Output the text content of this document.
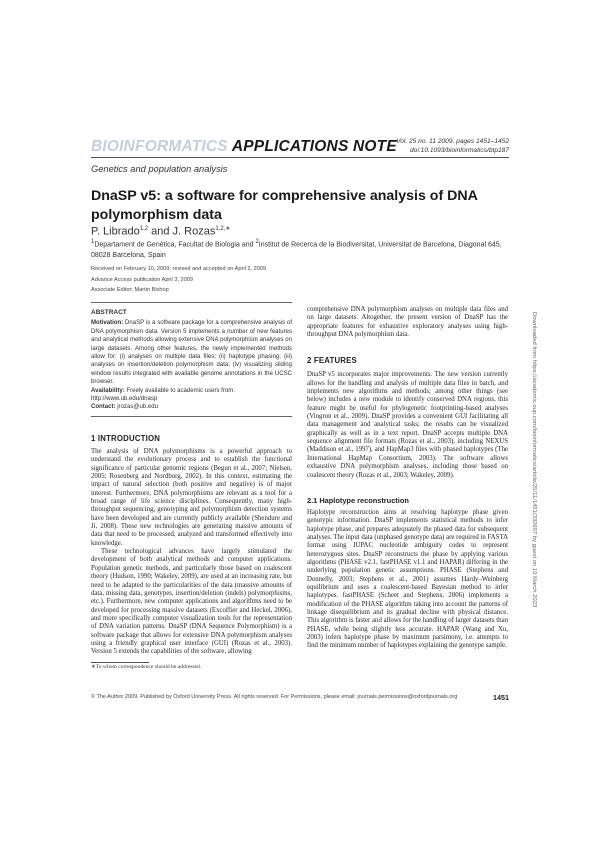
BIOINFORMATICS APPLICATIONS NOTE Vol. 25 no. 11 2009, pages 1451–1452
doi:10.1093/bioinformatics/btp187
Genetics and population analysis
DnaSP v5: a software for comprehensive analysis of DNA polymorphism data
P. Librado$^{1,2}$ and J. Rozas$^{1,2,∗}$
$^1$Departament de Genètica, Facultat de Biologia and $^2$Institut de Recerca de la Biodiversitat, Universitat de Barcelona, Diagonal 645, 08028 Barcelona, Spain
Received on February 10, 2009; revised and accepted on April 2, 2009
Advance Access publication April 3, 2009
Associate Editor: Martin Bishop
ABSTRACT

Motivation: DnaSP is a software package for a comprehensive analysis of DNA polymorphism data. Version 5 implements a number of new features and analytical methods allowing extensive DNA polymorphism analyses on large datasets. Among other features, the newly implemented methods allow for: (i) analyses on multiple data files; (ii) haplotype phasing; (iii) analyses on insertion/deletion polymorphism data; (iv) visualizing sliding window results integrated with available genome annotations in the UCSC browser.

Availability: Freely available to academic users from:

http://www.ub.edu/dnasp

Contact: jrozas@ub.edu

1 INTRODUCTION

The analysis of DNA polymorphisms is a powerful approach to understand the evolutionary process and to establish the functional significance of particular genomic regions (Begun et al., 2007; Nielsen, 2005; Rosenberg and Nordborg, 2002). In this context, estimating the impact of natural selection (both positive and negative) is of major interest. Furthermore, DNA polymorphisms are relevant as a tool for a broad range of life science disciplines. Consequently, many high-throughput sequencing, genotyping and polymorphism detection systems have been developed and are currently publicly available (Shendure and Ji, 2008). These new technologies are generating massive amounts of data that need to be processed, analyzed and transformed effectively into knowledge.

These technological advances have largely stimulated the development of both analytical methods and computer applications. Population genetic methods, and particularly those based on coalescent theory (Hudson, 1990; Wakeley, 2009), are used at an increasing rate, but need to be adapted to the particularities of the data (massive amounts of data, missing data, genotypes, insertion/deletion (indels) polymorphisms, etc.). Furthermore, new computer applications and algorithms need to be developed for processing massive datasets (Excoffier and Heckel, 2006), and more specifically computer visualization tools for the representation of DNA variation patterns. DnaSP (DNA Sequence Polymorphism) is a software package that allows for extensive DNA polymorphism analyses using a friendly graphical user interface (GUI) (Rozas et al., 2003). Version 5 extends the capabilities of the software, allowing

∗To whom correspondence should be addressed.

comprehensive DNA polymorphism analyses on multiple data files and on large datasets. Altogether, the present version of DnaSP has the appropriate features for exhaustive exploratory analyses using high-throughput DNA polymorphism data.

2 FEATURES

DnaSP v5 incorporates major improvements. The new version currently allows for the handling and analysis of multiple data files in batch, and implements new algorithms and methods; among other things (see below) includes a new module to identify conserved DNA regions, this feature might be useful for phylogenetic footprinting-based analyses (Vingron et al., 2009). DnaSP provides a convenient GUI facilitating all data management and analytical tasks; the results can be visualized graphically as well as in a text report. DnaSP accepts multiple DNA sequence alignment file formats (Rozas et al., 2003), including NEXUS (Maddison et al., 1997), and HapMap3 files with phased haplotypes (The International HapMap Consortium, 2003). The software allows exhaustive DNA polymorphism analyses, including those based on coalescent theory (Rozas et al., 2003; Wakeley, 2009).

2.1 Haplotype reconstruction

Haplotype reconstruction aims at resolving haplotype phase given genotypic information. DnaSP implements statistical methods to infer haplotype phase, and prepares adequately the phased data for subsequent analyses. The input data (unphased genotype data) are required in FASTA format using IUPAC nucleotide ambiguity codes to represent heterozygous sites. DnaSP reconstructs the phase by applying various algorithms (PHASE v2.1, fastPHASE v1.1 and HAPAR) differing in the underlying population genetic assumptions. PHASE (Stephens and Donnelly, 2003; Stephens et al., 2001) assumes Hardy–Weinberg equilibrium and uses a coalescent-based Bayesian method to infer haplotypes. fastPHASE (Scheet and Stephens, 2006) implements a modification of the PHASE algorithm taking into account the patterns of linkage disequilibrium and its gradual decline with physical distance. This algorithm is faster and allows for the handling of larger datasets than PHASE, while being slightly less accurate. HAPAR (Wang and Xu, 2003) infers haplotype phase by maximum parsimony, i.e. attempts to find the minimum number of haplotypes explaining the genotype sample.

© The Author 2009. Published by Oxford University Press. All rights reserved. For Permissions, please email: journals.permissions@oxfordjournals.org	1451
Downloaded from https://academic.oup.com/bioinformatics/article/25/11/1451/332607 by guest on 19 March 2023
